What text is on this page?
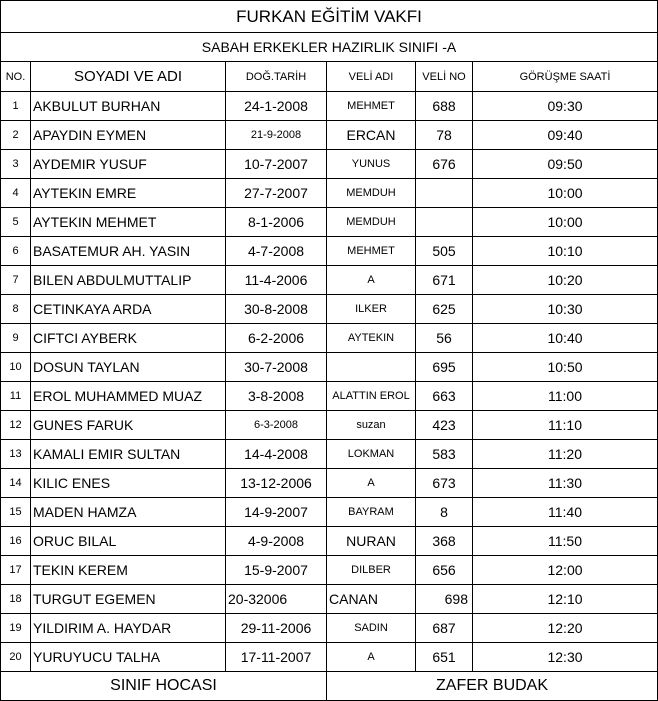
FURKAN EĞİTİM VAKFI					
SABAH ERKEKLER HAZIRLIK SINIFI -A					
NO.	SOYADI VE ADI	DOĞ.TARİH	VELİ ADI	VELİ NO	GÖRÜŞME SAATİ
1	AKBULUT BURHAN	24-1-2008	MEHMET	688	09:30
2	APAYDIN EYMEN	21-9-2008	ERCAN	78	09:40
3	AYDEMIR YUSUF	10-7-2007	YUNUS	676	09:50
4	AYTEKIN EMRE	27-7-2007	MEMDUH		10:00
5	AYTEKIN MEHMET	8-1-2006	MEMDUH		10:00
6	BASATEMUR AH. YASIN	4-7-2008	MEHMET	505	10:10
7	BILEN ABDULMUTTALIP	11-4-2006	A	671	10:20
8	CETINKAYA ARDA	30-8-2008	ILKER	625	10:30
9	CIFTCI AYBERK	6-2-2006	AYTEKIN	56	10:40
10	DOSUN TAYLAN	30-7-2008		695	10:50
11	EROL MUHAMMED MUAZ	3-8-2008	ALATTIN EROL	663	11:00
12	GUNES FARUK	6-3-2008	suzan	423	11:10
13	KAMALI EMIR SULTAN	14-4-2008	LOKMAN	583	11:20
14	KILIC ENES	13-12-2006	A	673	11:30
15	MADEN HAMZA	14-9-2007	BAYRAM	8	11:40
16	ORUC BILAL	4-9-2008	NURAN	368	11:50
17	TEKIN KEREM	15-9-2007	DILBER	656	12:00
18	TURGUT EGEMEN	20-32006	CANAN	698	12:10
19	YILDIRIM A. HAYDAR	29-11-2006	SADIN	687	12:20
20	YURUYUCU TALHA	17-11-2007	A	651	12:30
SINIF HOCASI			ZAFER BUDAK		
